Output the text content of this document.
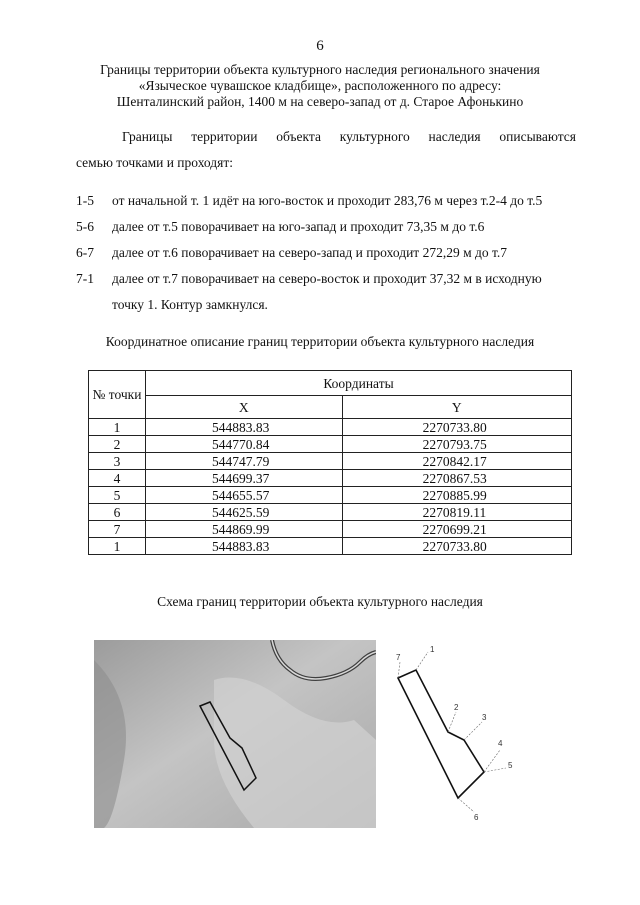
6
Границы территории объекта культурного наследия регионального значения
«Языческое чувашское кладбище», расположенного по адресу:
Шенталинский район, 1400 м на северо-запад от д. Старое Афонькино
Границы территории объекта культурного наследия описываются
семью точками и проходят:
1-5 от начальной т. 1 идёт на юго-восток и проходит 283,76 м через т.2-4 до т.5
5-6 далее от т.5 поворачивает на юго-запад и проходит 73,35 м до т.6
6-7 далее от т.6 поворачивает на северо-запад и проходит 272,29 м до т.7
7-1 далее от т.7 поворачивает на северо-восток и проходит 37,32 м в исходную
точку 1. Контур замкнулся.
Координатное описание границ территории объекта культурного наследия
№ точки	Координаты	
	X	Y
1	544883.83	2270733.80
2	544770.84	2270793.75
3	544747.79	2270842.17
4	544699.37	2270867.53
5	544655.57	2270885.99
6	544625.59	2270819.11
7	544869.99	2270699.21
1	544883.83	2270733.80
Схема границ территории объекта культурного наследия
1
7
2
3
4
5
6
